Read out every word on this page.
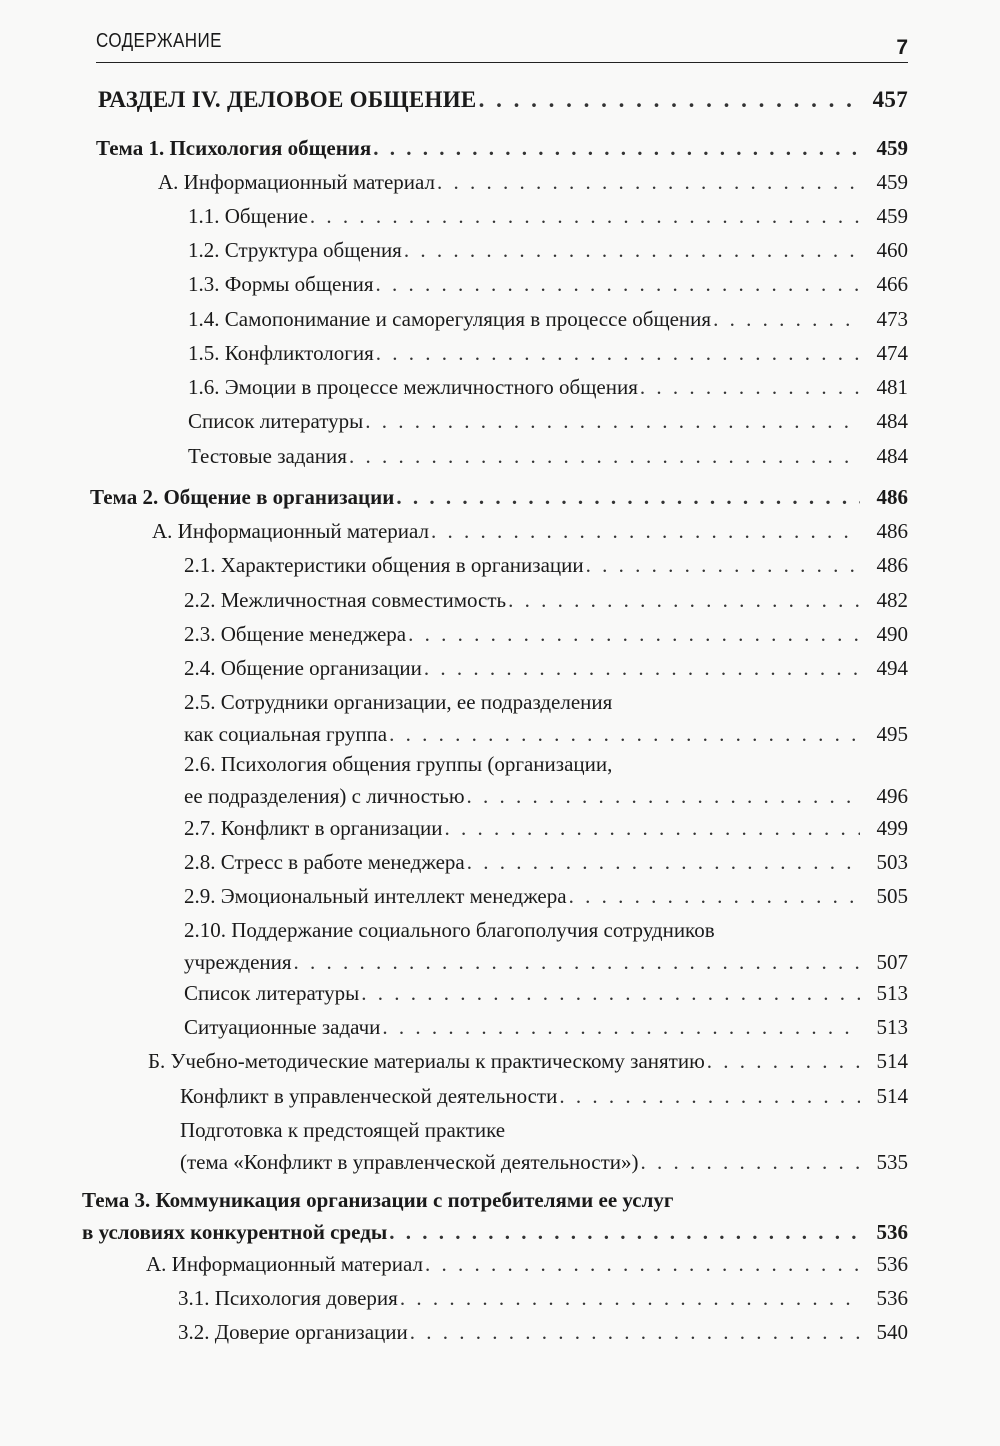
СОДЕРЖАНИЕ	7
РАЗДЕЛ IV. ДЕЛОВОЕ ОБЩЕНИЕ . . .	457
Тема 1. Психология общения . . .	459
А. Информационный материал . . .	459
1.1. Общение . . .	459
1.2. Структура общения . . .	460
1.3. Формы общения . . .	466
1.4. Самопонимание и саморегуляция в процессе общения . . .	473
1.5. Конфликтология . . .	474
1.6. Эмоции в процессе межличностного общения . . .	481
Список литературы . . .	484
Тестовые задания . . .	484
Тема 2. Общение в организации . . .	486
А. Информационный материал . . .	486
2.1. Характеристики общения в организации . . .	486
2.2. Межличностная совместимость . . .	482
2.3. Общение менеджера . . .	490
2.4. Общение организации . . .	494
2.5. Сотрудники организации, ее подразделения
как социальная группа . . .	495
2.6. Психология общения группы (организации,
ее подразделения) с личностью . . .	496
2.7. Конфликт в организации . . .	499
2.8. Стресс в работе менеджера . . .	503
2.9. Эмоциональный интеллект менеджера . . .	505
2.10. Поддержание социального благополучия сотрудников
учреждения . . .	507
Список литературы . . .	513
Ситуационные задачи . . .	513
Б. Учебно-методические материалы к практическому занятию . . .	514
Конфликт в управленческой деятельности . . .	514
Подготовка к предстоящей практике
(тема «Конфликт в управленческой деятельности») . . .	535
Тема 3. Коммуникация организации с потребителями ее услуг
в условиях конкурентной среды . . .	536
А. Информационный материал . . .	536
3.1. Психология доверия . . .	536
3.2. Доверие организации . . .	540
